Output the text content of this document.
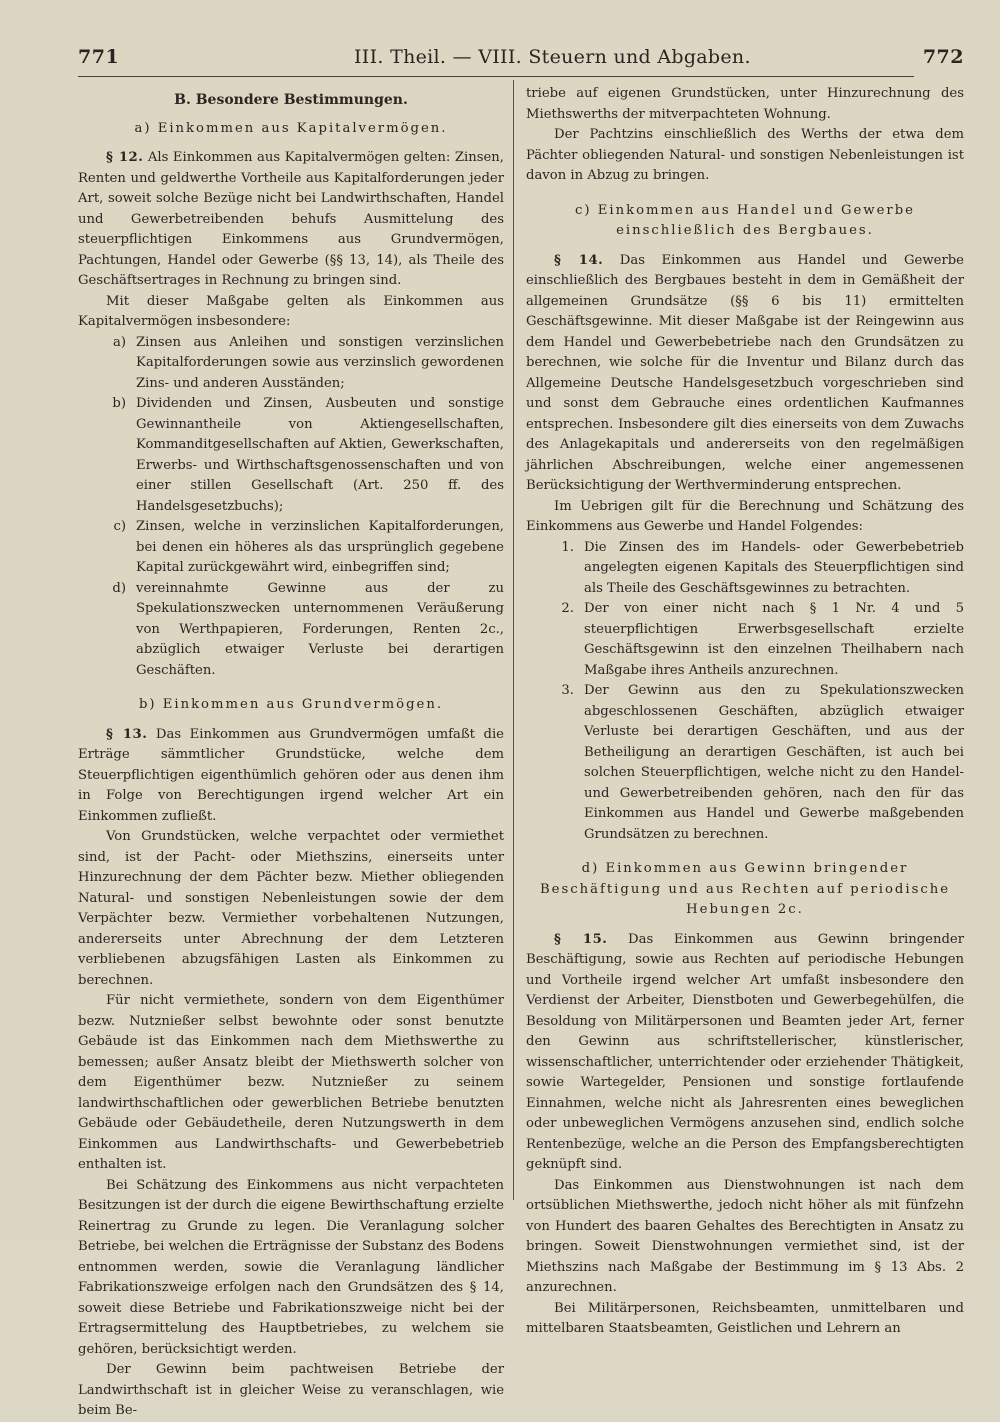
771	III. Theil. — VIII. Steuern und Abgaben.	772
B. Besondere Bestimmungen.
a) Einkommen aus Kapitalvermögen.

§ 12. Als Einkommen aus Kapitalvermögen gelten: Zinsen, Renten und geldwerthe Vortheile aus Kapitalforderungen jeder Art, soweit solche Bezüge nicht bei Landwirthschaften, Handel und Gewerbetreibenden behufs Ausmittelung des steuerpflichtigen Einkommens aus Grundvermögen, Pachtungen, Handel oder Gewerbe (§§ 13, 14), als Theile des Geschäftsertrages in Rechnung zu bringen sind.

Mit dieser Maßgabe gelten als Einkommen aus Kapitalvermögen insbesondere:

a) Zinsen aus Anleihen und sonstigen verzinslichen Kapitalforderungen sowie aus verzinslich gewordenen Zins- und anderen Ausständen;
b) Dividenden und Zinsen, Ausbeuten und sonstige Gewinnantheile von Aktiengesellschaften, Kommanditgesellschaften auf Aktien, Gewerkschaften, Erwerbs- und Wirthschaftsgenossenschaften und von einer stillen Gesellschaft (Art. 250 ff. des Handelsgesetzbuchs);
c) Zinsen, welche in verzinslichen Kapitalforderungen, bei denen ein höheres als das ursprünglich gegebene Kapital zurückgewährt wird, einbegriffen sind;
d) vereinnahmte Gewinne aus der zu Spekulationszwecken unternommenen Veräußerung von Werthpapieren, Forderungen, Renten 2c., abzüglich etwaiger Verluste bei derartigen Geschäften.
b) Einkommen aus Grundvermögen.

§ 13. Das Einkommen aus Grundvermögen umfaßt die Erträge sämmtlicher Grundstücke, welche dem Steuerpflichtigen eigenthümlich gehören oder aus denen ihm in Folge von Berechtigungen irgend welcher Art ein Einkommen zufließt.

Von Grundstücken, welche verpachtet oder vermiethet sind, ist der Pacht- oder Miethszins, einerseits unter Hinzurechnung der dem Pächter bezw. Miether obliegenden Natural- und sonstigen Nebenleistungen sowie der dem Verpächter bezw. Vermiether vorbehaltenen Nutzungen, andererseits unter Abrechnung der dem Letzteren verbliebenen abzugsfähigen Lasten als Einkommen zu berechnen.

Für nicht vermiethete, sondern von dem Eigenthümer bezw. Nutznießer selbst bewohnte oder sonst benutzte Gebäude ist das Einkommen nach dem Miethswerthe zu bemessen; außer Ansatz bleibt der Miethswerth solcher von dem Eigenthümer bezw. Nutznießer zu seinem landwirthschaftlichen oder gewerblichen Betriebe benutzten Gebäude oder Gebäudetheile, deren Nutzungswerth in dem Einkommen aus Landwirthschafts- und Gewerbebetrieb enthalten ist.

Bei Schätzung des Einkommens aus nicht verpachteten Besitzungen ist der durch die eigene Bewirthschaftung erzielte Reinertrag zu Grunde zu legen. Die Veranlagung solcher Betriebe, bei welchen die Erträgnisse der Substanz des Bodens entnommen werden, sowie die Veranlagung ländlicher Fabrikationszweige erfolgen nach den Grundsätzen des § 14, soweit diese Betriebe und Fabrikationszweige nicht bei der Ertragsermittelung des Hauptbetriebes, zu welchem sie gehören, berücksichtigt werden.

Der Gewinn beim pachtweisen Betriebe der Landwirthschaft ist in gleicher Weise zu veranschlagen, wie beim Be-

triebe auf eigenen Grundstücken, unter Hinzurechnung des Miethswerths der mitverpachteten Wohnung.

Der Pachtzins einschließlich des Werths der etwa dem Pächter obliegenden Natural- und sonstigen Nebenleistungen ist davon in Abzug zu bringen.

c) Einkommen aus Handel und Gewerbe einschließlich des Bergbaues.

§ 14. Das Einkommen aus Handel und Gewerbe einschließlich des Bergbaues besteht in dem in Gemäßheit der allgemeinen Grundsätze (§§ 6 bis 11) ermittelten Geschäftsgewinne. Mit dieser Maßgabe ist der Reingewinn aus dem Handel und Gewerbebetriebe nach den Grundsätzen zu berechnen, wie solche für die Inventur und Bilanz durch das Allgemeine Deutsche Handelsgesetzbuch vorgeschrieben sind und sonst dem Gebrauche eines ordentlichen Kaufmannes entsprechen. Insbesondere gilt dies einerseits von dem Zuwachs des Anlagekapitals und andererseits von den regelmäßigen jährlichen Abschreibungen, welche einer angemessenen Berücksichtigung der Werthverminderung entsprechen.

Im Uebrigen gilt für die Berechnung und Schätzung des Einkommens aus Gewerbe und Handel Folgendes:

1. Die Zinsen des im Handels- oder Gewerbebetrieb angelegten eigenen Kapitals des Steuerpflichtigen sind als Theile des Geschäftsgewinnes zu betrachten.
2. Der von einer nicht nach § 1 Nr. 4 und 5 steuerpflichtigen Erwerbsgesellschaft erzielte Geschäftsgewinn ist den einzelnen Theilhabern nach Maßgabe ihres Antheils anzurechnen.
3. Der Gewinn aus den zu Spekulationszwecken abgeschlossenen Geschäften, abzüglich etwaiger Verluste bei derartigen Geschäften, und aus der Betheiligung an derartigen Geschäften, ist auch bei solchen Steuerpflichtigen, welche nicht zu den Handel- und Gewerbetreibenden gehören, nach den für das Einkommen aus Handel und Gewerbe maßgebenden Grundsätzen zu berechnen.
d) Einkommen aus Gewinn bringender Beschäftigung und aus Rechten auf periodische Hebungen 2c.

§ 15. Das Einkommen aus Gewinn bringender Beschäftigung, sowie aus Rechten auf periodische Hebungen und Vortheile irgend welcher Art umfaßt insbesondere den Verdienst der Arbeiter, Dienstboten und Gewerbegehülfen, die Besoldung von Militärpersonen und Beamten jeder Art, ferner den Gewinn aus schriftstellerischer, künstlerischer, wissenschaftlicher, unterrichtender oder erziehender Thätigkeit, sowie Wartegelder, Pensionen und sonstige fortlaufende Einnahmen, welche nicht als Jahresrenten eines beweglichen oder unbeweglichen Vermögens anzusehen sind, endlich solche Rentenbezüge, welche an die Person des Empfangsberechtigten geknüpft sind.

Das Einkommen aus Dienstwohnungen ist nach dem ortsüblichen Miethswerthe, jedoch nicht höher als mit fünfzehn von Hundert des baaren Gehaltes des Berechtigten in Ansatz zu bringen. Soweit Dienstwohnungen vermiethet sind, ist der Miethszins nach Maßgabe der Bestimmung im § 13 Abs. 2 anzurechnen.

Bei Militärpersonen, Reichsbeamten, unmittelbaren und mittelbaren Staatsbeamten, Geistlichen und Lehrern an
